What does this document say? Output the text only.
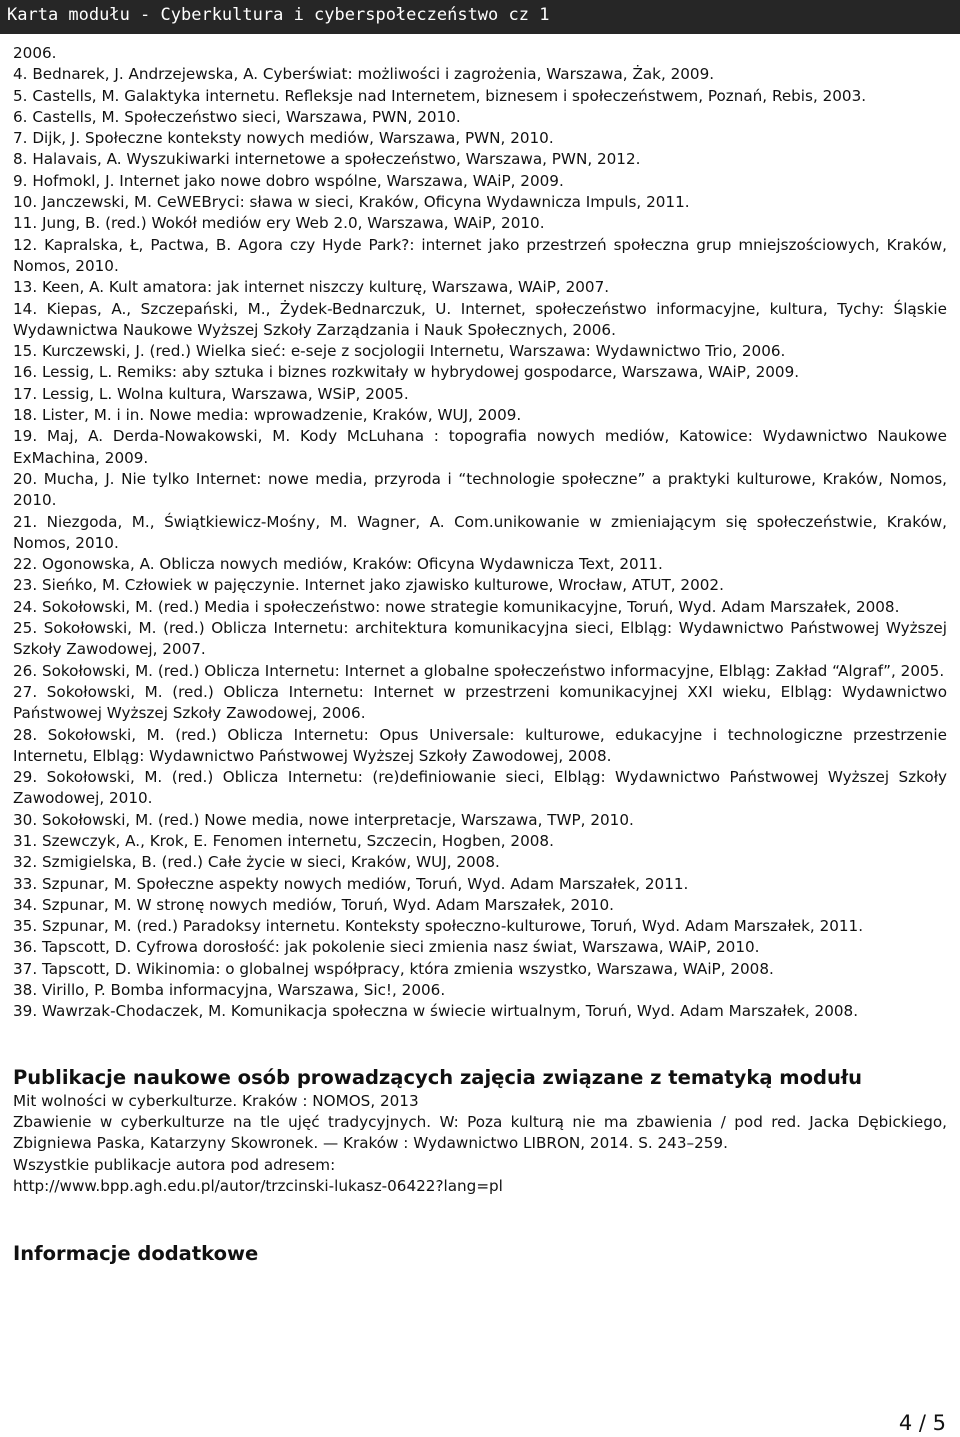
Karta modułu - Cyberkultura i cyberspołeczeństwo cz 1
2006.
4. Bednarek, J. Andrzejewska, A. Cyberświat: możliwości i zagrożenia, Warszawa, Żak, 2009.
5. Castells, M. Galaktyka internetu. Refleksje nad Internetem, biznesem i społeczeństwem, Poznań, Rebis, 2003.
6. Castells, M. Społeczeństwo sieci, Warszawa, PWN, 2010.
7. Dijk, J. Społeczne konteksty nowych mediów, Warszawa, PWN, 2010.
8. Halavais, A. Wyszukiwarki internetowe a społeczeństwo, Warszawa, PWN, 2012.
9. Hofmokl, J. Internet jako nowe dobro wspólne, Warszawa, WAiP, 2009.
10. Janczewski, M. CeWEBryci: sława w sieci, Kraków, Oficyna Wydawnicza Impuls, 2011.
11. Jung, B. (red.) Wokół mediów ery Web 2.0, Warszawa, WAiP, 2010.
12. Kapralska, Ł, Pactwa, B. Agora czy Hyde Park?: internet jako przestrzeń społeczna grup mniejszościowych, Kraków, Nomos, 2010.
13. Keen, A. Kult amatora: jak internet niszczy kulturę, Warszawa, WAiP, 2007.
14. Kiepas, A., Szczepański, M., Żydek-Bednarczuk, U. Internet, społeczeństwo informacyjne, kultura, Tychy: Śląskie Wydawnictwa Naukowe Wyższej Szkoły Zarządzania i Nauk Społecznych, 2006.
15. Kurczewski, J. (red.) Wielka sieć: e-seje z socjologii Internetu, Warszawa: Wydawnictwo Trio, 2006.
16. Lessig, L. Remiks: aby sztuka i biznes rozkwitały w hybrydowej gospodarce, Warszawa, WAiP, 2009.
17. Lessig, L. Wolna kultura, Warszawa, WSiP, 2005.
18. Lister, M. i in. Nowe media: wprowadzenie, Kraków, WUJ, 2009.
19. Maj, A. Derda-Nowakowski, M. Kody McLuhana : topografia nowych mediów, Katowice: Wydawnictwo Naukowe ExMachina, 2009.
20. Mucha, J. Nie tylko Internet: nowe media, przyroda i “technologie społeczne” a praktyki kulturowe, Kraków, Nomos, 2010.
21. Niezgoda, M., Świątkiewicz-Mośny, M. Wagner, A. Com.unikowanie w zmieniającym się społeczeństwie, Kraków, Nomos, 2010.
22. Ogonowska, A. Oblicza nowych mediów, Kraków: Oficyna Wydawnicza Text, 2011.
23. Sieńko, M. Człowiek w pajęczynie. Internet jako zjawisko kulturowe, Wrocław, ATUT, 2002.
24. Sokołowski, M. (red.) Media i społeczeństwo: nowe strategie komunikacyjne, Toruń, Wyd. Adam Marszałek, 2008.
25. Sokołowski, M. (red.) Oblicza Internetu: architektura komunikacyjna sieci, Elbląg: Wydawnictwo Państwowej Wyższej Szkoły Zawodowej, 2007.
26. Sokołowski, M. (red.) Oblicza Internetu: Internet a globalne społeczeństwo informacyjne, Elbląg: Zakład “Algraf”, 2005.
27. Sokołowski, M. (red.) Oblicza Internetu: Internet w przestrzeni komunikacyjnej XXI wieku, Elbląg: Wydawnictwo Państwowej Wyższej Szkoły Zawodowej, 2006.
28. Sokołowski, M. (red.) Oblicza Internetu: Opus Universale: kulturowe, edukacyjne i technologiczne przestrzenie Internetu, Elbląg: Wydawnictwo Państwowej Wyższej Szkoły Zawodowej, 2008.
29. Sokołowski, M. (red.) Oblicza Internetu: (re)definiowanie sieci, Elbląg: Wydawnictwo Państwowej Wyższej Szkoły Zawodowej, 2010.
30. Sokołowski, M. (red.) Nowe media, nowe interpretacje, Warszawa, TWP, 2010.
31. Szewczyk, A., Krok, E. Fenomen internetu, Szczecin, Hogben, 2008.
32. Szmigielska, B. (red.) Całe życie w sieci, Kraków, WUJ, 2008.
33. Szpunar, M. Społeczne aspekty nowych mediów, Toruń, Wyd. Adam Marszałek, 2011.
34. Szpunar, M. W stronę nowych mediów, Toruń, Wyd. Adam Marszałek, 2010.
35. Szpunar, M. (red.) Paradoksy internetu. Konteksty społeczno-kulturowe, Toruń, Wyd. Adam Marszałek, 2011.
36. Tapscott, D. Cyfrowa dorosłość: jak pokolenie sieci zmienia nasz świat, Warszawa, WAiP, 2010.
37. Tapscott, D. Wikinomia: o globalnej współpracy, która zmienia wszystko, Warszawa, WAiP, 2008.
38. Virillo, P. Bomba informacyjna, Warszawa, Sic!, 2006.
39. Wawrzak-Chodaczek, M. Komunikacja społeczna w świecie wirtualnym, Toruń, Wyd. Adam Marszałek, 2008.
Publikacje naukowe osób prowadzących zajęcia związane z tematyką modułu
Mit wolności w cyberkulturze. Kraków : NOMOS, 2013
Zbawienie w cyberkulturze na tle ujęć tradycyjnych. W: Poza kulturą nie ma zbawienia / pod red. Jacka Dębickiego, Zbigniewa Paska, Katarzyny Skowronek. — Kraków : Wydawnictwo LIBRON, 2014. S. 243–259.
Wszystkie publikacje autora pod adresem:
http://www.bpp.agh.edu.pl/autor/trzcinski-lukasz-06422?lang=pl
Informacje dodatkowe
4 / 5
